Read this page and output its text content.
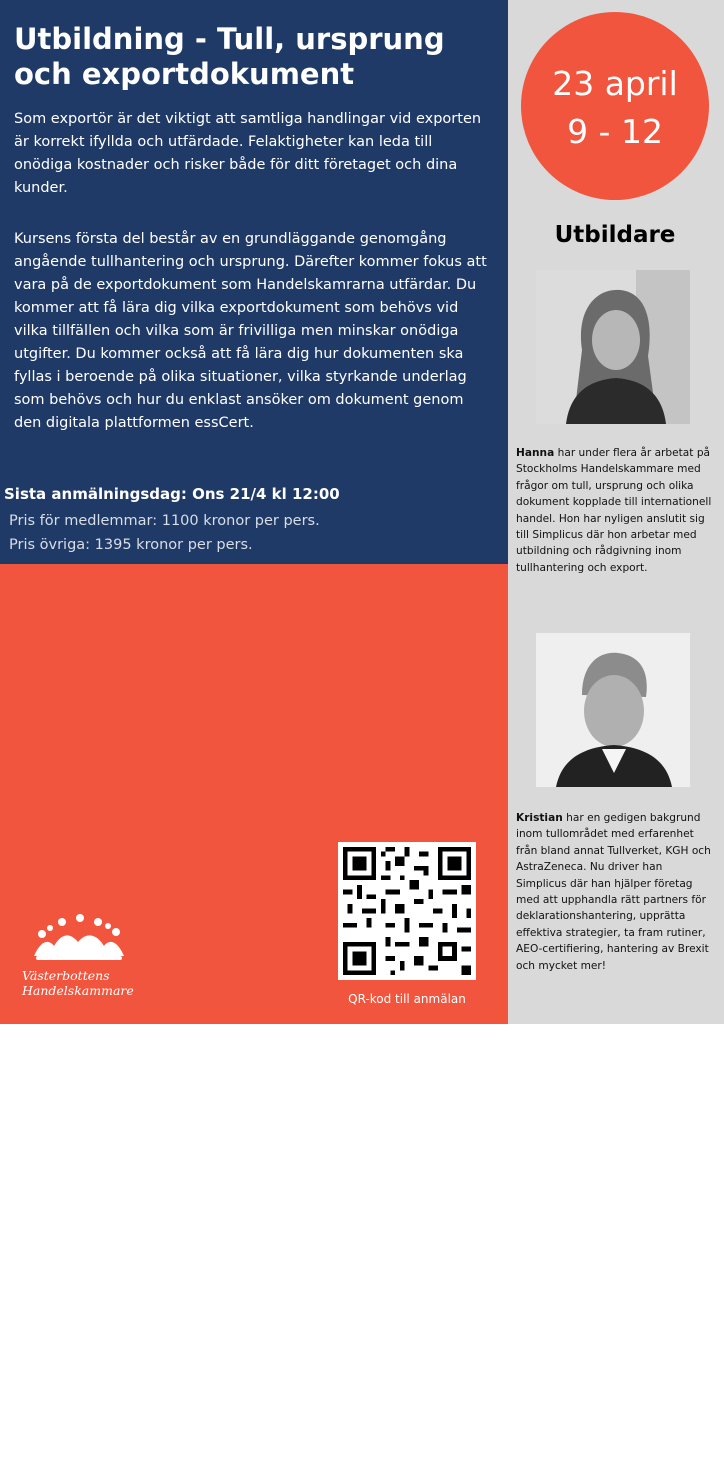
Utbildning - Tull, ursprung och exportdokument

Som exportör är det viktigt att samtliga handlingar vid exporten är korrekt ifyllda och utfärdade. Felaktigheter kan leda till onödiga kostnader och risker både för ditt företaget och dina kunder.

Kursens första del består av en grundläggande genomgång angående tullhantering och ursprung. Därefter kommer fokus att vara på de exportdokument som Handelskamrarna utfärdar. Du kommer att få lära dig vilka exportdokument som behövs vid vilka tillfällen och vilka som är frivilliga men minskar onödiga utgifter. Du kommer också att få lära dig hur dokumenten ska fyllas i beroende på olika situationer, vilka styrkande underlag som behövs och hur du enklast ansöker om dokument genom den digitala plattformen essCert.

Sista anmälningsdag: Ons 21/4 kl 12:00

Pris för medlemmar: 1100 kronor per pers.

Pris övriga: 1395 kronor per pers.

Pass 1: kl 9-10. Grunderna för tull och ursprung vid export
- Tulldeklaration och dess innehåll
- Grundläggande klassificering av varor
- Ursprungsregler och frihandelsavtal
- Styrkande handlingar
Pass 2: kl 10.15-12. Exportdokument utfärdade av handelskamrarna
- I vilka sammanhang ursprungscertifikat och EUR.1 kan användas
- Hur dokumenten ska fyllas i
- Vad för underlag som krävs vid ansökan av certifikat
- Hur essCert fungerar
- Praktiska tips och exempel
- Var man kan hitta mer information
Västerbottens
Handelskammare

QR-kod till anmälan

23 april
9 - 12
Utbildare

Hanna har under flera år arbetat på Stockholms Handelskammare med frågor om tull, ursprung och olika dokument kopplade till internationell handel. Hon har nyligen anslutit sig till Simplicus där hon arbetar med utbildning och rådgivning inom tullhantering och export.

Kristian har en gedigen bakgrund inom tullområdet med erfarenhet från bland annat Tullverket, KGH och AstraZeneca. Nu driver han Simplicus där han hjälper företag med att upphandla rätt partners för deklarationshantering, upprätta effektiva strategier, ta fram rutiner, AEO-certifiering, hantering av Brexit och mycket mer!
